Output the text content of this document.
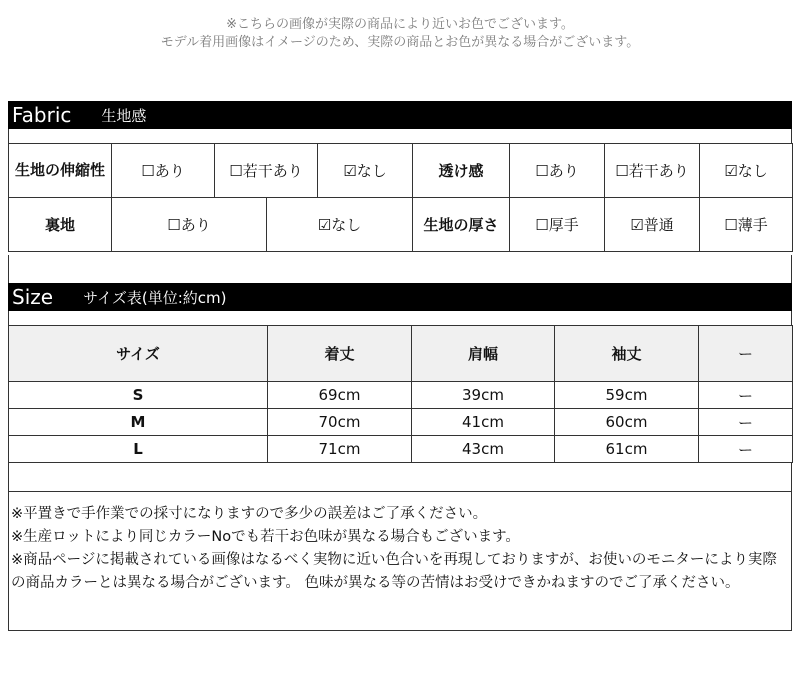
※こちらの画像が実際の商品により近いお色でございます。
モデル着用画像はイメージのため、実際の商品とお色が異なる場合がございます。
Fabric 生地感
生地の伸縮性	☐あり	☐若干あり		☑なし	透け感	☐あり	☐若干あり	☑なし
裏地	☐あり		☑なし		生地の厚さ	☐厚手	☑普通	☐薄手
Size サイズ表(単位:約cm)
サイズ	着丈	肩幅	袖丈	ー
S	69cm	39cm	59cm	ー
M	70cm	41cm	60cm	ー
L	71cm	43cm	61cm	ー

※平置きで手作業での採寸になりますので多少の誤差はご了承ください。

※生産ロットにより同じカラーNoでも若干お色味が異なる場合もございます。

※商品ページに掲載されている画像はなるべく実物に近い色合いを再現しておりますが、お使いのモニターにより実際の商品カラーとは異なる場合がございます。 色味が異なる等の苦情はお受けできかねますのでご了承ください。
